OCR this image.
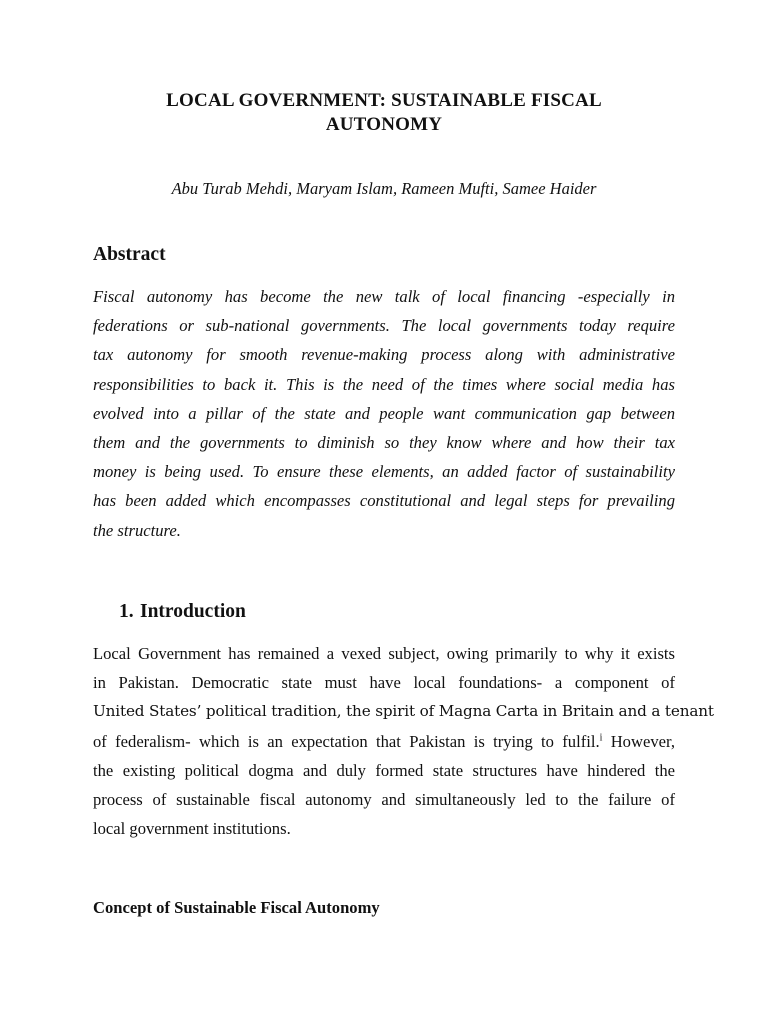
LOCAL GOVERNMENT: SUSTAINABLE FISCAL
AUTONOMY
Abu Turab Mehdi, Maryam Islam, Rameen Mufti, Samee Haider
Abstract
Fiscal autonomy has become the new talk of local financing -especially in
federations or sub-national governments. The local governments today require
tax autonomy for smooth revenue-making process along with administrative
responsibilities to back it. This is the need of the times where social media has
evolved into a pillar of the state and people want communication gap between
them and the governments to diminish so they know where and how their tax
money is being used. To ensure these elements, an added factor of sustainability
has been added which encompasses constitutional and legal steps for prevailing
the structure.
1. Introduction
Local Government has remained a vexed subject, owing primarily to why it exists
in Pakistan. Democratic state must have local foundations- a component of
United States’ political tradition, the spirit of Magna Carta in Britain and a tenant
of federalism- which is an expectation that Pakistan is trying to fulfil.$^i$ However,
the existing political dogma and duly formed state structures have hindered the
process of sustainable fiscal autonomy and simultaneously led to the failure of
local government institutions.
Concept of Sustainable Fiscal Autonomy
